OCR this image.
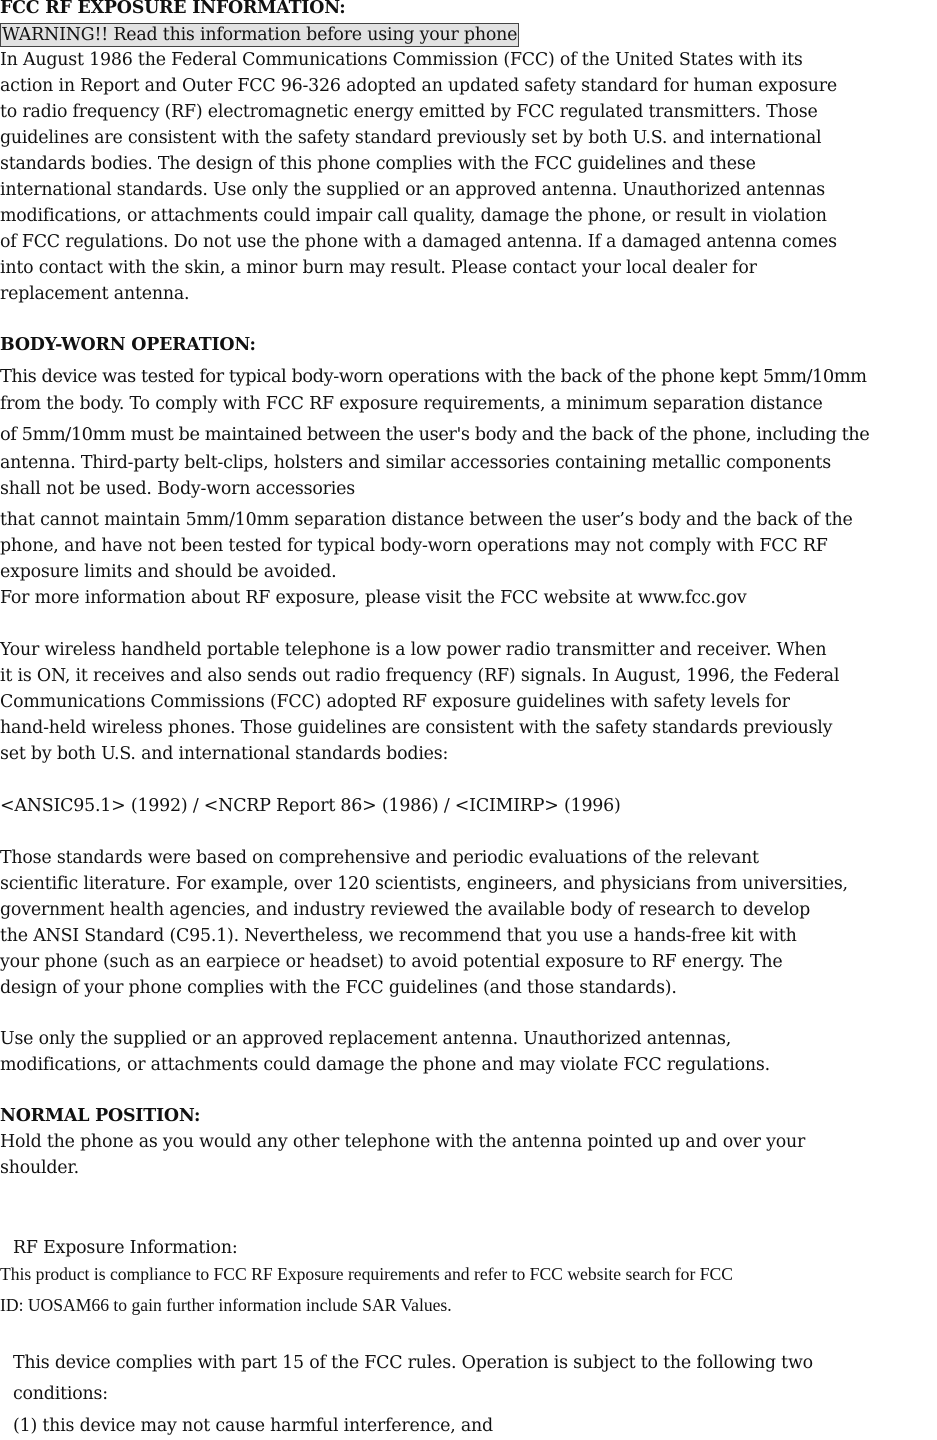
FCC RF EXPOSURE INFORMATION:

WARNING!! Read this information before using your phone

In August 1986 the Federal Communications Commission (FCC) of the United States with its

action in Report and Outer FCC 96-326 adopted an updated safety standard for human exposure

to radio frequency (RF) electromagnetic energy emitted by FCC regulated transmitters. Those

guidelines are consistent with the safety standard previously set by both U.S. and international

standards bodies. The design of this phone complies with the FCC guidelines and these

international standards. Use only the supplied or an approved antenna. Unauthorized antennas

modifications, or attachments could impair call quality, damage the phone, or result in violation

of FCC regulations. Do not use the phone with a damaged antenna. If a damaged antenna comes

into contact with the skin, a minor burn may result. Please contact your local dealer for

replacement antenna.

BODY-WORN OPERATION:

This device was tested for typical body-worn operations with the back of the phone kept 5mm/10mm

from the body. To comply with FCC RF exposure requirements, a minimum separation distance

of 5mm/10mm must be maintained between the user's body and the back of the phone, including the

antenna. Third-party belt-clips, holsters and similar accessories containing metallic components

shall not be used. Body-worn accessories

that cannot maintain 5mm/10mm separation distance between the user’s body and the back of the

phone, and have not been tested for typical body-worn operations may not comply with FCC RF

exposure limits and should be avoided.

For more information about RF exposure, please visit the FCC website at www.fcc.gov

Your wireless handheld portable telephone is a low power radio transmitter and receiver. When

it is ON, it receives and also sends out radio frequency (RF) signals. In August, 1996, the Federal

Communications Commissions (FCC) adopted RF exposure guidelines with safety levels for

hand-held wireless phones. Those guidelines are consistent with the safety standards previously

set by both U.S. and international standards bodies:

<ANSIC95.1> (1992) / <NCRP Report 86> (1986) / <ICIMIRP> (1996)

Those standards were based on comprehensive and periodic evaluations of the relevant

scientific literature. For example, over 120 scientists, engineers, and physicians from universities,

government health agencies, and industry reviewed the available body of research to develop

the ANSI Standard (C95.1). Nevertheless, we recommend that you use a hands-free kit with

your phone (such as an earpiece or headset) to avoid potential exposure to RF energy. The

design of your phone complies with the FCC guidelines (and those standards).

Use only the supplied or an approved replacement antenna. Unauthorized antennas,

modifications, or attachments could damage the phone and may violate FCC regulations.

NORMAL POSITION:

Hold the phone as you would any other telephone with the antenna pointed up and over your

shoulder.

RF Exposure Information:

This product is compliance to FCC RF Exposure requirements and refer to FCC website search for FCC

ID: UOSAM66 to gain further information include SAR Values.

This device complies with part 15 of the FCC rules. Operation is subject to the following two

conditions:

(1) this device may not cause harmful interference, and
